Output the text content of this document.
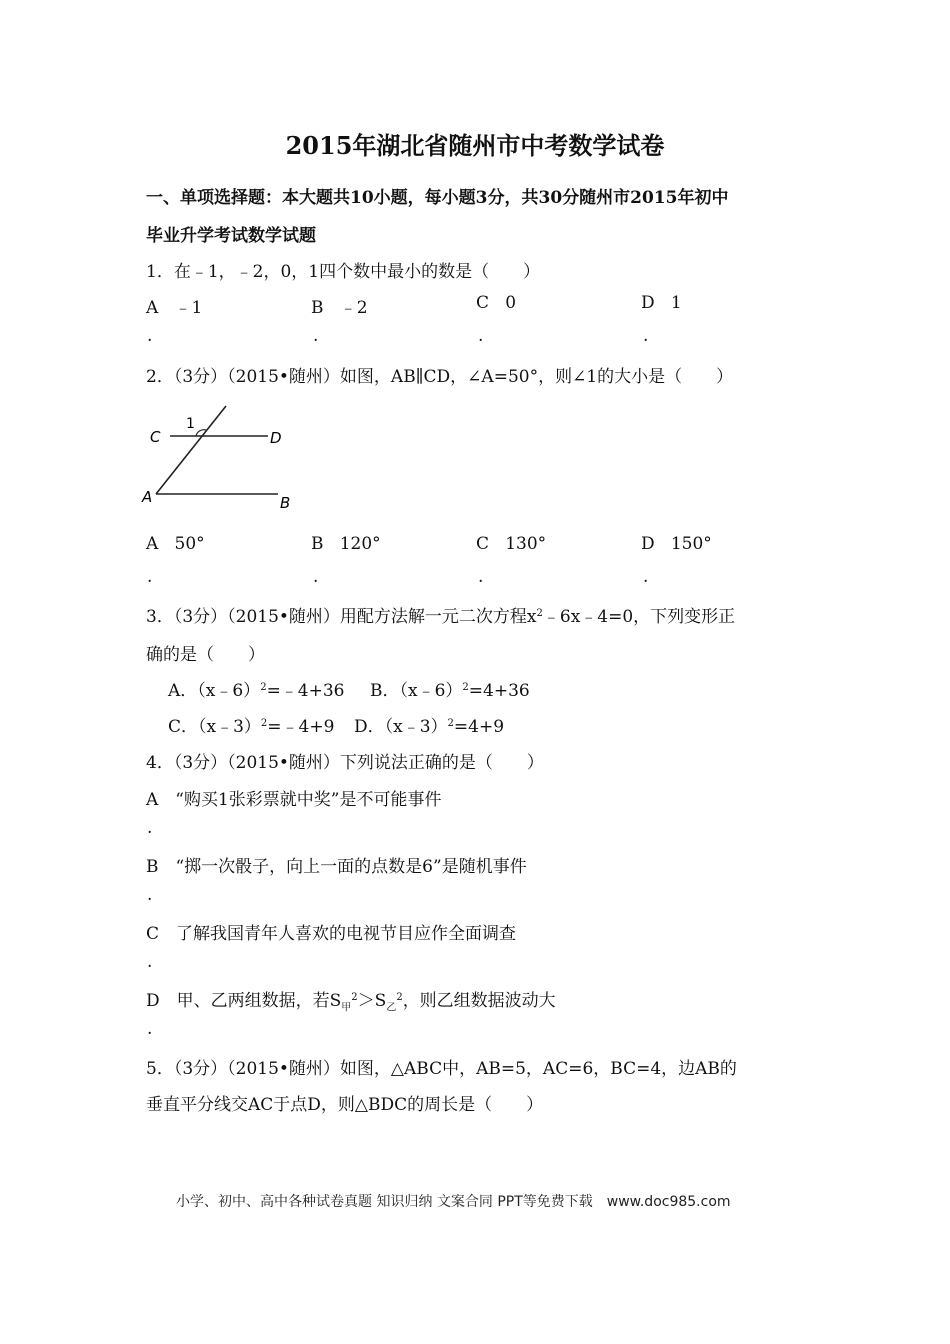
2015年湖北省随州市中考数学试卷
一、单项选择题：本大题共10小题，每小题3分，共30分随州市2015年初中
毕业升学考试数学试题
1．在﹣1，﹣2，0，1四个数中最小的数是（　　）
A ﹣1	B ﹣2	C 0	D 1
.	.	.	.
2．（3分）（2015•随州）如图，AB∥CD，∠A=50°，则∠1的大小是（　　）
C	D
A	B
1
A 50°	B 120°	C 130°	D 150°
.	.	.	.
3．（3分）（2015•随州）用配方法解一元二次方程$x^2﹣6x﹣4=0$，下列变形正
确的是（　　）
A．（x﹣6）$^2$=﹣4+36 B．（x﹣6）$^2$=4+36
C．（x﹣3）$^2$=﹣4+9 D．（x﹣3）$^2$=4+9
4．（3分）（2015•随州）下列说法正确的是（　　）
A　“购买1张彩票就中奖”是不可能事件
.
B　“掷一次骰子，向上一面的点数是6”是随机事件
.
C　了解我国青年人喜欢的电视节目应作全面调查
.
D　甲、乙两组数据，若$S_甲^2>S_乙^2$，则乙组数据波动大
.
5．（3分）（2015•随州）如图，△ABC中，AB=5，AC=6，BC=4，边AB的
垂直平分线交AC于点D，则△BDC的周长是（　　）
小学、初中、高中各种试卷真题 知识归纳 文案合同 PPT等免费下载　www.doc985.com
